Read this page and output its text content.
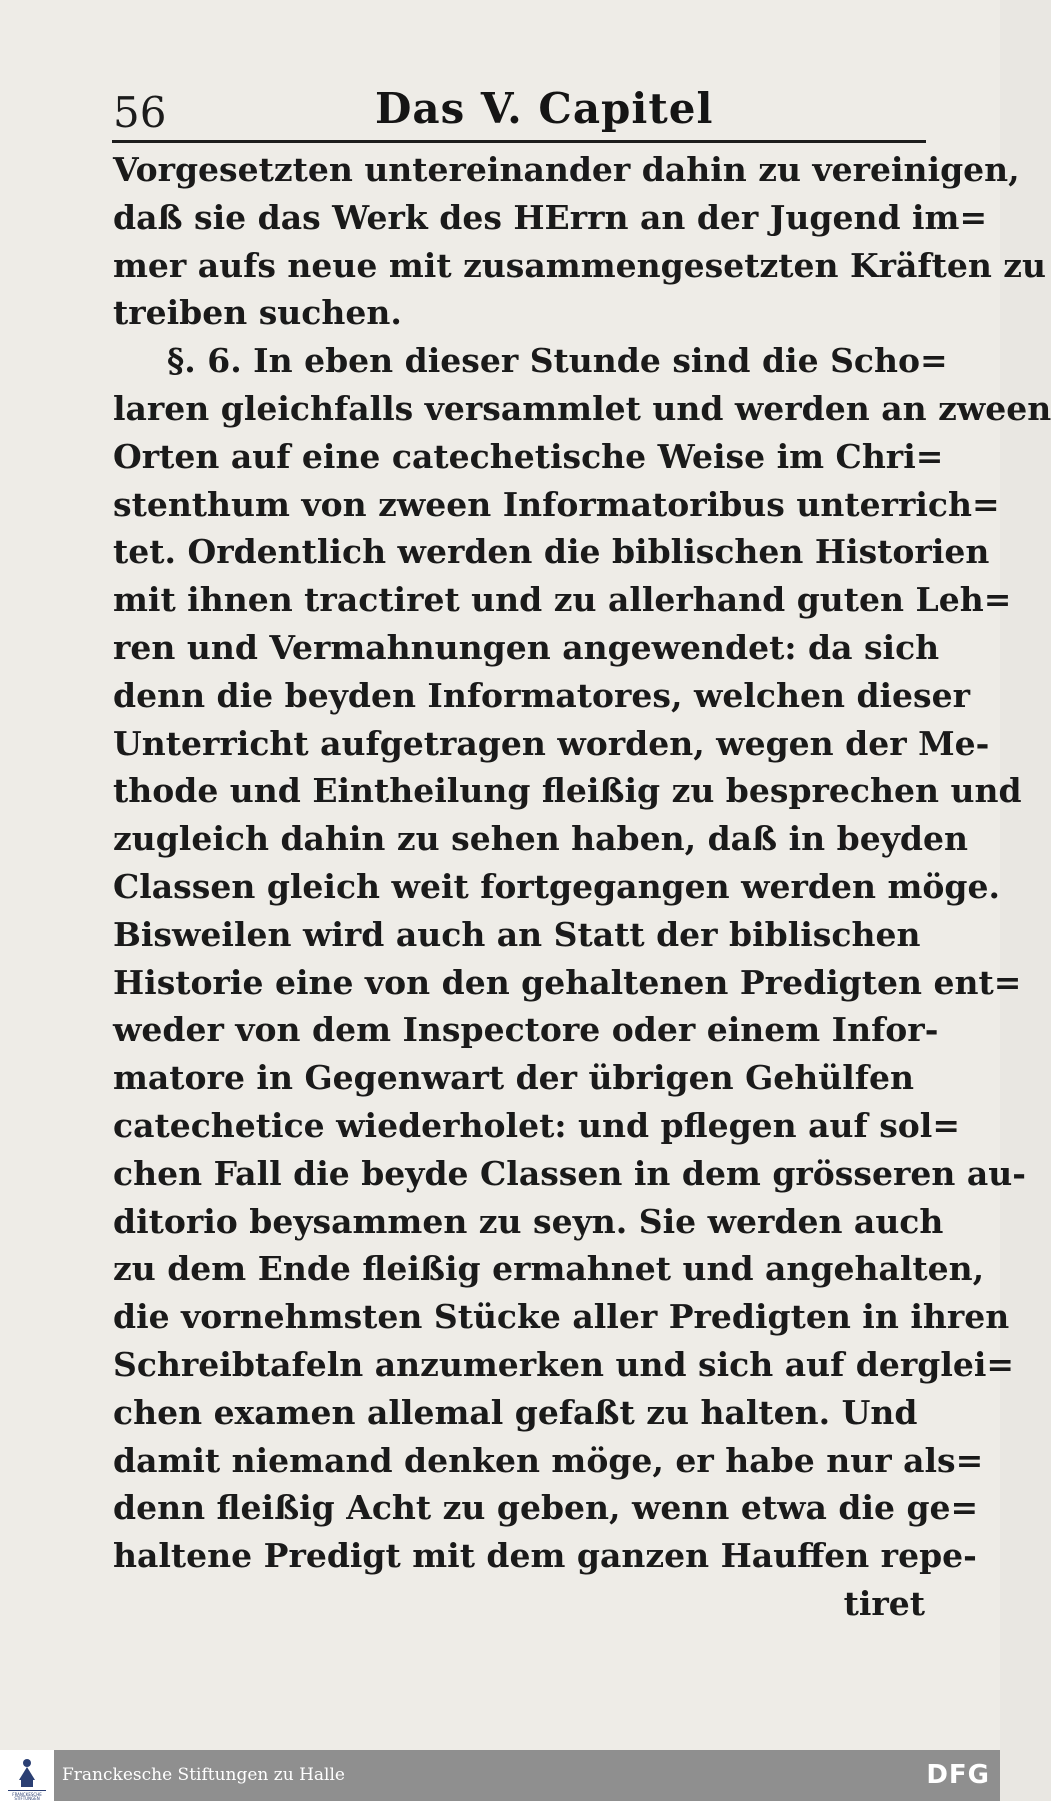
56	Das V. Capitel
Vorgesetzten untereinander dahin zu vereinigen,
daß sie das Werk des HErrn an der Jugend im=
mer aufs neue mit zusammengesetzten Kräften zu
treiben suchen.
§. 6. In eben dieser Stunde sind die Scho=
laren gleichfalls versammlet und werden an zween
Orten auf eine catechetische Weise im Chri=
stenthum von zween Informatoribus unterrich=
tet. Ordentlich werden die biblischen Historien
mit ihnen tractiret und zu allerhand guten Leh=
ren und Vermahnungen angewendet: da sich
denn die beyden Informatores, welchen dieser
Unterricht aufgetragen worden, wegen der Me-
thode und Eintheilung fleißig zu besprechen und
zugleich dahin zu sehen haben, daß in beyden
Classen gleich weit fortgegangen werden möge.
Bisweilen wird auch an Statt der biblischen
Historie eine von den gehaltenen Predigten ent=
weder von dem Inspectore oder einem Infor-
matore in Gegenwart der übrigen Gehülfen
catechetice wiederholet: und pflegen auf sol=
chen Fall die beyde Classen in dem grösseren au-
ditorio beysammen zu seyn. Sie werden auch
zu dem Ende fleißig ermahnet und angehalten,
die vornehmsten Stücke aller Predigten in ihren
Schreibtafeln anzumerken und sich auf derglei=
chen examen allemal gefaßt zu halten. Und
damit niemand denken möge, er habe nur als=
denn fleißig Acht zu geben, wenn etwa die ge=
haltene Predigt mit dem ganzen Hauffen repe-
tiret
FRANCKESCHE
STIFTUNGEN
Franckesche Stiftungen zu Halle	DFG
